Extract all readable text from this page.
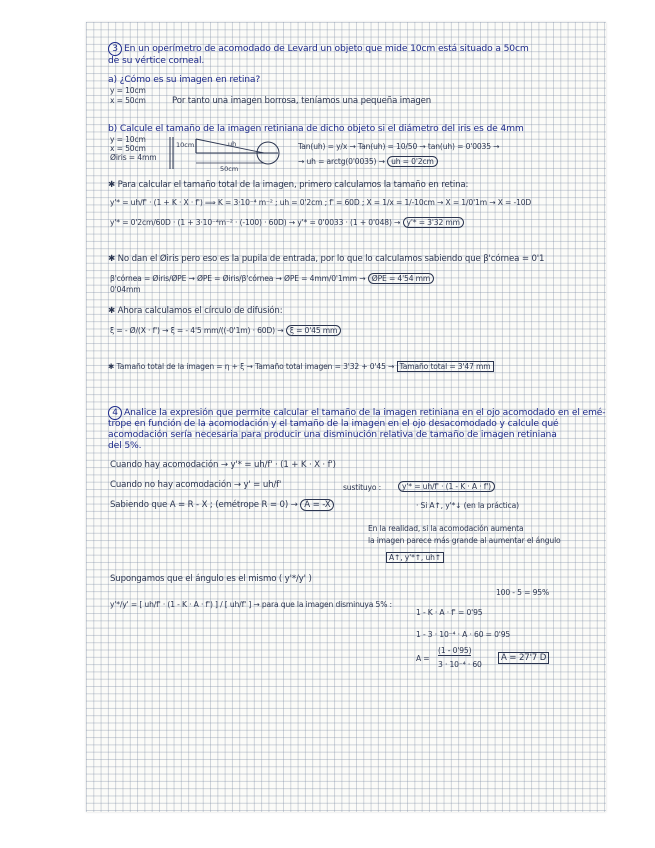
3 En un operímetro de acomodado de Levard un objeto que mide 10cm está situado a 50cm
de su vértice corneal.
a) ¿Cómo es su imagen en retina?
y = 10cm
x = 50cm	Por tanto una imagen borrosa, teníamos una pequeña imagen
b) Calcule el tamaño de la imagen retiniana de dicho objeto si el diámetro del iris es de 4mm
y = 10cm
x = 50cm
Øiris = 4mm
10cm	uh
50cm
Tan(uh) = y/x → Tan(uh) = 10/50 → tan(uh) = 0'0035 →
→ uh = arctg(0'0035) → uh = 0'2cm
✱ Para calcular el tamaño total de la imagen, primero calculamos la tamaño en retina:
y'* = uh/f' · (1 + K · X · f') ⟹ K = 3·10⁻⁴ m⁻² ; uh = 0'2cm ; f' = 60D ; X = 1/x = 1/-10cm → X = 1/0'1m → X = -10D
y'* = 0'2cm/60D · (1 + 3·10⁻⁴m⁻² · (-100) · 60D) → y'* = 0'0033 · (1 + 0'048) → y'* = 3'32 mm
✱ No dan el Øiris pero eso es la pupila de entrada, por lo que lo calculamos sabiendo que β'córnea = 0'1
β'córnea = Øiris/ØPE → ØPE = Øiris/β'córnea → ØPE = 4mm/0'1mm → ØPE = 4'54 mm
0'04mm
✱ Ahora calculamos el círculo de difusión:
ξ = - Ø/(X · f') → ξ = - 4'5 mm/((-0'1m) · 60D) → ξ = 0'45 mm
✱ Tamaño total de la imagen = η + ξ → Tamaño total imagen = 3'32 + 0'45 → Tamaño total = 3'47 mm
4 Analice la expresión que permite calcular el tamaño de la imagen retiniana en el ojo acomodado en el emé-
trope en función de la acomodación y el tamaño de la imagen en el ojo desacomodado y calcule qué
acomodación sería necesaria para producir una disminución relativa de tamaño de imagen retiniana
del 5%.
Cuando hay acomodación → y'* = uh/f' · (1 + K · X · f')
Cuando no hay acomodación → y' = uh/f'
Sabiendo que A = R - X ; (emétrope R = 0) → A = -X
sustituyo :	y'* = uh/f' · (1 - K · A · f')
· Si A↑, y'*↓ (en la práctica)
En la realidad, si la acomodación aumenta
la imagen parece más grande al aumentar el ángulo
A↑, y'*↑, uh↑
Supongamos que el ángulo es el mismo ( y'*/y' )
y'*/y' = [ uh/f' · (1 - K · A · f') ] / [ uh/f' ] → para que la imagen disminuya 5% :
100 - 5 = 95%
1 - K · A · f' = 0'95
1 - 3 · 10⁻⁴ · A · 60 = 0'95
A =
(1 - 0'95)
3 · 10⁻⁴ · 60
A = 27'7 D
